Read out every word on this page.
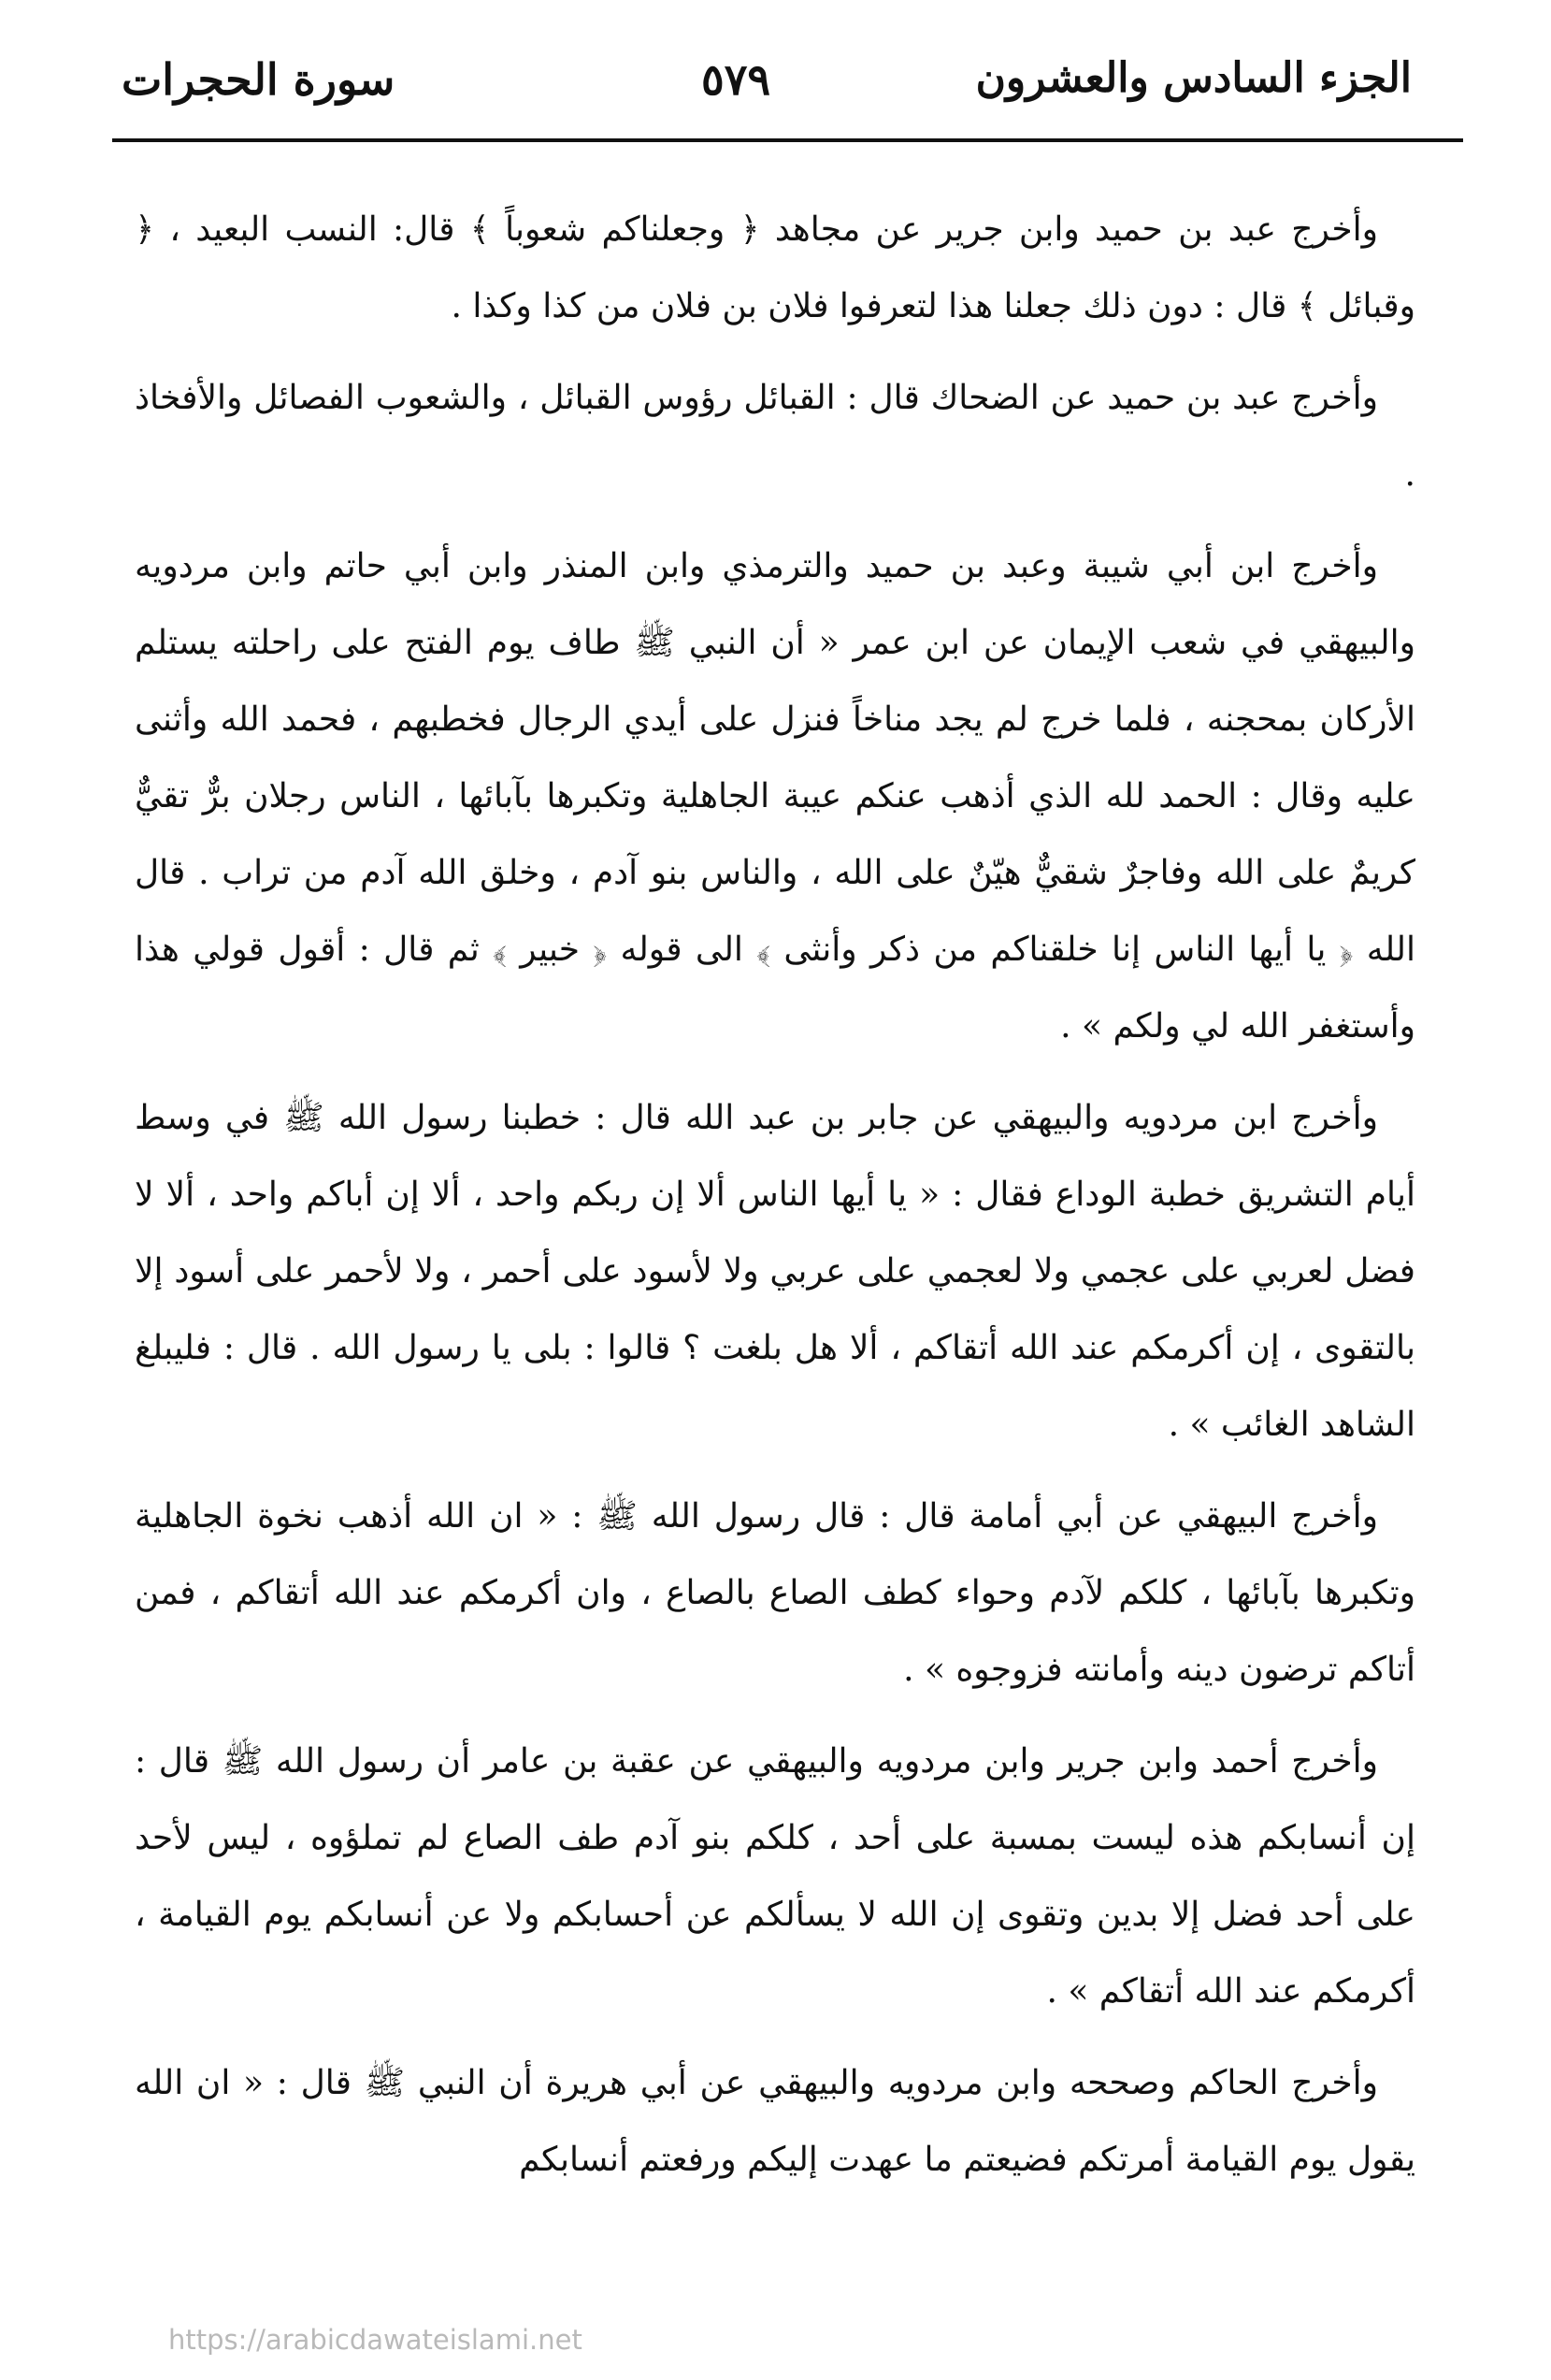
الجزء السادس والعشرون
٥٧٩
سورة الحجرات

وأخرج عبد بن حميد وابن جرير عن مجاهد ﴿ وجعلناكم شعوباً ﴾ قال: النسب البعيد ، ﴿ وقبائل ﴾ قال : دون ذلك جعلنا هذا لتعرفوا فلان بن فلان من كذا وكذا .

وأخرج عبد بن حميد عن الضحاك قال : القبائل رؤوس القبائل ، والشعوب الفصائل والأفخاذ .

وأخرج ابن أبي شيبة وعبد بن حميد والترمذي وابن المنذر وابن أبي حاتم وابن مردويه والبيهقي في شعب الإيمان عن ابن عمر « أن النبي ﷺ طاف يوم الفتح على راحلته يستلم الأركان بمحجنه ، فلما خرج لم يجد مناخاً فنزل على أيدي الرجال فخطبهم ، فحمد الله وأثنى عليه وقال : الحمد لله الذي أذهب عنكم عيبة الجاهلية وتكبرها بآبائها ، الناس رجلان برٌّ تقيٌّ كريمٌ على الله وفاجرٌ شقيٌّ هيّنٌ على الله ، والناس بنو آدم ، وخلق الله آدم من تراب . قال الله ﴿ يا أيها الناس إنا خلقناكم من ذكر وأنثى ﴾ الى قوله ﴿ خبير ﴾ ثم قال : أقول قولي هذا وأستغفر الله لي ولكم » .

وأخرج ابن مردويه والبيهقي عن جابر بن عبد الله قال : خطبنا رسول الله ﷺ في وسط أيام التشريق خطبة الوداع فقال : « يا أيها الناس ألا إن ربكم واحد ، ألا إن أباكم واحد ، ألا لا فضل لعربي على عجمي ولا لعجمي على عربي ولا لأسود على أحمر ، ولا لأحمر على أسود إلا بالتقوى ، إن أكرمكم عند الله أتقاكم ، ألا هل بلغت ؟ قالوا : بلى يا رسول الله . قال : فليبلغ الشاهد الغائب » .

وأخرج البيهقي عن أبي أمامة قال : قال رسول الله ﷺ : « ان الله أذهب نخوة الجاهلية وتكبرها بآبائها ، كلكم لآدم وحواء كطف الصاع بالصاع ، وان أكرمكم عند الله أتقاكم ، فمن أتاكم ترضون دينه وأمانته فزوجوه » .

وأخرج أحمد وابن جرير وابن مردويه والبيهقي عن عقبة بن عامر أن رسول الله ﷺ قال : إن أنسابكم هذه ليست بمسبة على أحد ، كلكم بنو آدم طف الصاع لم تملؤوه ، ليس لأحد على أحد فضل إلا بدين وتقوى إن الله لا يسألكم عن أحسابكم ولا عن أنسابكم يوم القيامة ، أكرمكم عند الله أتقاكم » .

وأخرج الحاكم وصححه وابن مردويه والبيهقي عن أبي هريرة أن النبي ﷺ قال : « ان الله يقول يوم القيامة أمرتكم فضيعتم ما عهدت إليكم ورفعتم أنسابكم

https://arabicdawateislami.net
